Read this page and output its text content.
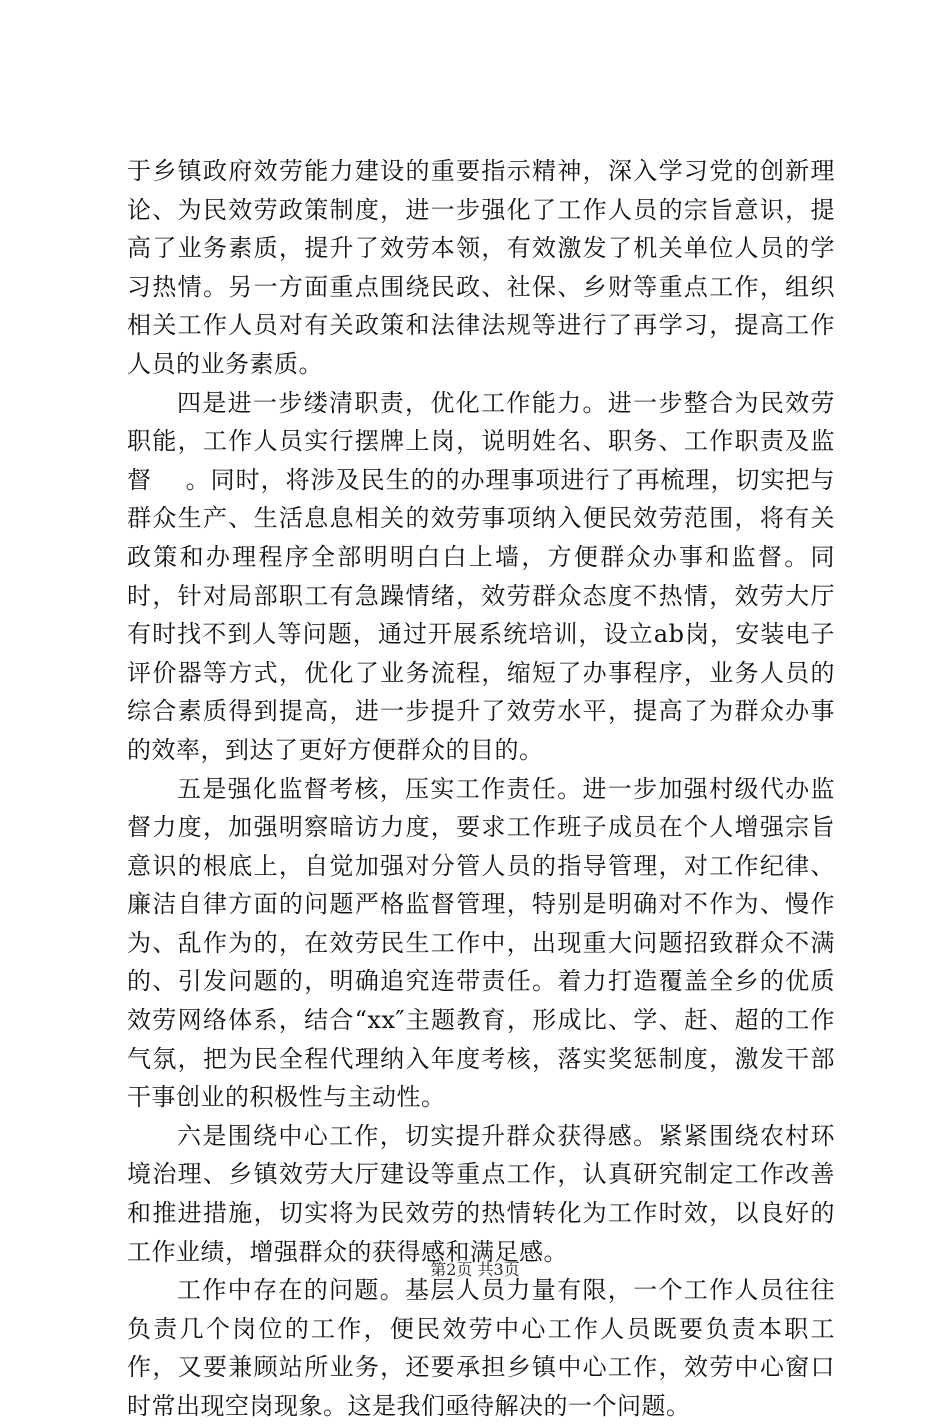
于乡镇政府效劳能力建设的重要指示精神，深入学习党的创新理论、为民效劳政策制度，进一步强化了工作人员的宗旨意识，提高了业务素质，提升了效劳本领，有效激发了机关单位人员的学习热情。另一方面重点围绕民政、社保、乡财等重点工作，组织相关工作人员对有关政策和法律法规等进行了再学习，提高工作人员的业务素质。

四是进一步缕清职责，优化工作能力。进一步整合为民效劳职能，工作人员实行摆牌上岗，说明姓名、职务、工作职责及监督　 。同时，将涉及民生的的办理事项进行了再梳理，切实把与群众生产、生活息息相关的效劳事项纳入便民效劳范围，将有关政策和办理程序全部明明白白上墙，方便群众办事和监督。同时，针对局部职工有急躁情绪，效劳群众态度不热情，效劳大厅有时找不到人等问题，通过开展系统培训，设立ab岗，安装电子评价器等方式，优化了业务流程，缩短了办事程序，业务人员的综合素质得到提高，进一步提升了效劳水平，提高了为群众办事的效率，到达了更好方便群众的目的。

五是强化监督考核，压实工作责任。进一步加强村级代办监督力度，加强明察暗访力度，要求工作班子成员在个人增强宗旨意识的根底上，自觉加强对分管人员的指导管理，对工作纪律、廉洁自律方面的问题严格监督管理，特别是明确对不作为、慢作为、乱作为的，在效劳民生工作中，出现重大问题招致群众不满的、引发问题的，明确追究连带责任。着力打造覆盖全乡的优质效劳网络体系，结合“xx″主题教育，形成比、学、赶、超的工作气氛，把为民全程代理纳入年度考核，落实奖惩制度，激发干部干事创业的积极性与主动性。

六是围绕中心工作，切实提升群众获得感。紧紧围绕农村环境治理、乡镇效劳大厅建设等重点工作，认真研究制定工作改善和推进措施，切实将为民效劳的热情转化为工作时效，以良好的工作业绩，增强群众的获得感和满足感。

工作中存在的问题。基层人员力量有限，一个工作人员往往负责几个岗位的工作，便民效劳中心工作人员既要负责本职工作，又要兼顾站所业务，还要承担乡镇中心工作，效劳中心窗口时常出现空岗现象。这是我们亟待解决的一个问题。

第2页 共3页
